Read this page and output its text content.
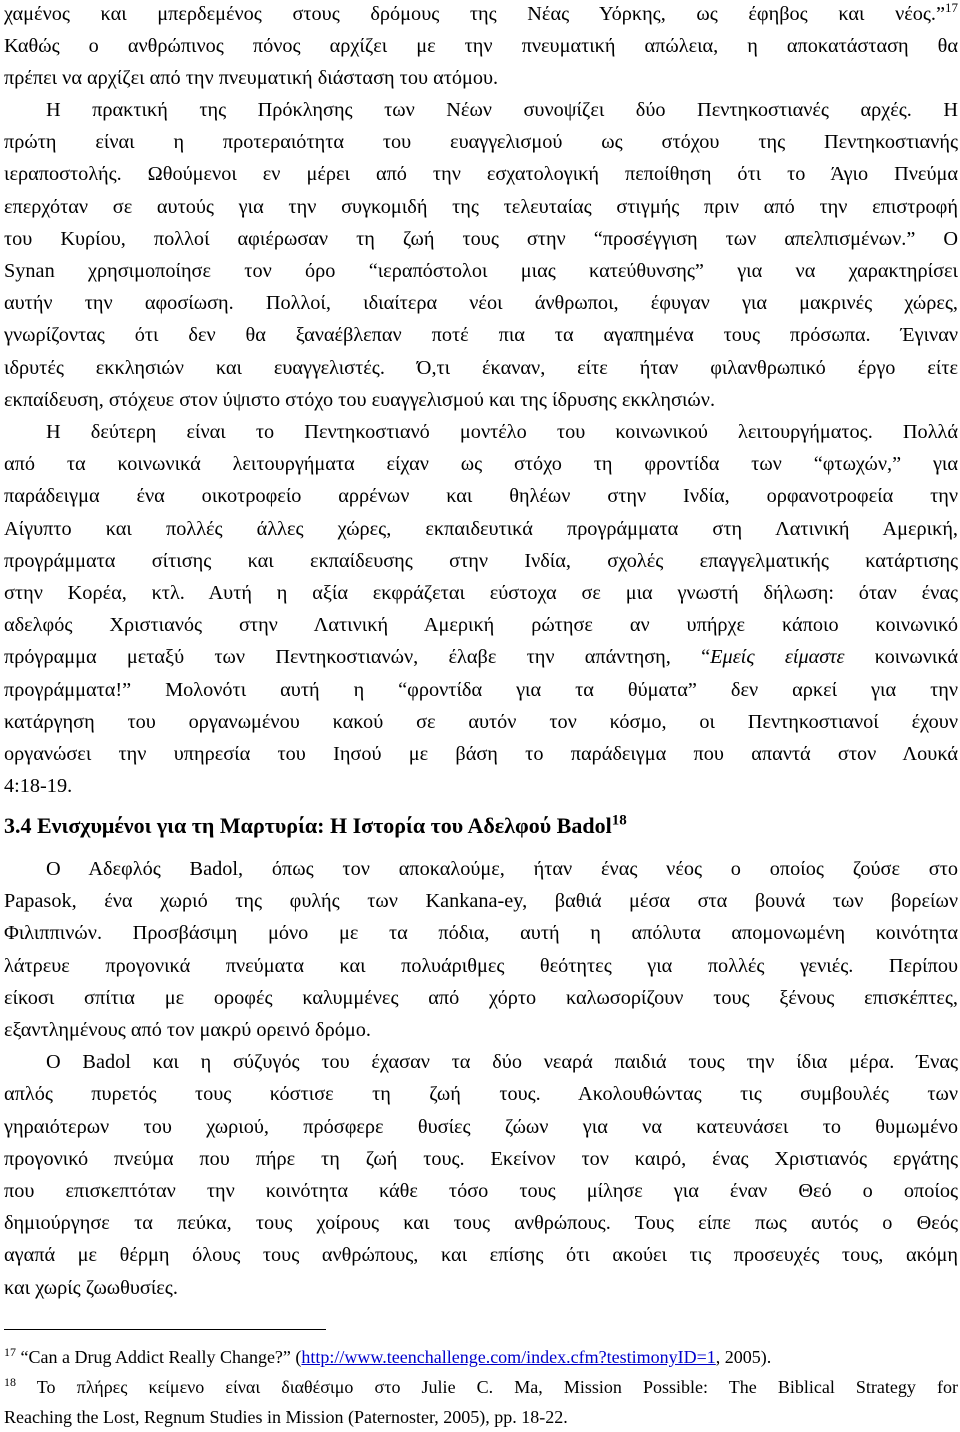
χαμένος και μπερδεμένος στους δρόμους της Νέας Υόρκης, ως έφηβος και νέος.”$^{17}$

Καθώς ο ανθρώπινος πόνος αρχίζει με την πνευματική απώλεια, η αποκατάσταση θα

πρέπει να αρχίζει από την πνευματική διάσταση του ατόμου.

Η πρακτική της Πρόκλησης των Νέων συνοψίζει δύο Πεντηκοστιανές αρχές. Η

πρώτη είναι η προτεραιότητα του ευαγγελισμού ως στόχου της Πεντηκοστιανής

ιεραποστολής. Ωθούμενοι εν μέρει από την εσχατολογική πεποίθηση ότι το Άγιο Πνεύμα

επερχόταν σε αυτούς για την συγκομιδή της τελευταίας στιγμής πριν από την επιστροφή

του Κυρίου, πολλοί αφιέρωσαν τη ζωή τους στην “προσέγγιση των απελπισμένων.” Ο

Synan χρησιμοποίησε τον όρο “ιεραπόστολοι μιας κατεύθυνσης” για να χαρακτηρίσει

αυτήν την αφοσίωση. Πολλοί, ιδιαίτερα νέοι άνθρωποι, έφυγαν για μακρινές χώρες,

γνωρίζοντας ότι δεν θα ξαναέβλεπαν ποτέ πια τα αγαπημένα τους πρόσωπα. Έγιναν

ιδρυτές εκκλησιών και ευαγγελιστές. Ό,τι έκαναν, είτε ήταν φιλανθρωπικό έργο είτε

εκπαίδευση, στόχευε στον ύψιστο στόχο του ευαγγελισμού και της ίδρυσης εκκλησιών.

Η δεύτερη είναι το Πεντηκοστιανό μοντέλο του κοινωνικού λειτουργήματος. Πολλά

από τα κοινωνικά λειτουργήματα είχαν ως στόχο τη φροντίδα των “φτωχών,” για

παράδειγμα ένα οικοτροφείο αρρένων και θηλέων στην Ινδία, ορφανοτροφεία την

Αίγυπτο και πολλές άλλες χώρες, εκπαιδευτικά προγράμματα στη Λατινική Αμερική,

προγράμματα σίτισης και εκπαίδευσης στην Ινδία, σχολές επαγγελματικής κατάρτισης

στην Κορέα, κτλ. Αυτή η αξία εκφράζεται εύστοχα σε μια γνωστή δήλωση: όταν ένας

αδελφός Χριστιανός στην Λατινική Αμερική ρώτησε αν υπήρχε κάποιο κοινωνικό

πρόγραμμα μεταξύ των Πεντηκοστιανών, έλαβε την απάντηση, “Εμείς είμαστε κοινωνικά

προγράμματα!” Μολονότι αυτή η “φροντίδα για τα θύματα” δεν αρκεί για την

κατάργηση του οργανωμένου κακού σε αυτόν τον κόσμο, οι Πεντηκοστιανοί έχουν

οργανώσει την υπηρεσία του Ιησού με βάση το παράδειγμα που απαντά στον Λουκά

4:18-19.

3.4 Ενισχυμένοι για τη Μαρτυρία: Η Ιστορία του Αδελφού Badol$^{18}$

Ο Αδεφλός Badol, όπως τον αποκαλούμε, ήταν ένας νέος ο οποίος ζούσε στο

Papasok, ένα χωριό της φυλής των Kankana-ey, βαθιά μέσα στα βουνά των βορείων

Φιλιππινών. Προσβάσιμη μόνο με τα πόδια, αυτή η απόλυτα απομονωμένη κοινότητα

λάτρευε προγονικά πνεύματα και πολυάριθμες θεότητες για πολλές γενιές. Περίπου

είκοσι σπίτια με οροφές καλυμμένες από χόρτο καλωσορίζουν τους ξένους επισκέπτες,

εξαντλημένους από τον μακρύ ορεινό δρόμο.

Ο Badol και η σύζυγός του έχασαν τα δύο νεαρά παιδιά τους την ίδια μέρα. Ένας

απλός πυρετός τους κόστισε τη ζωή τους. Ακολουθώντας τις συμβουλές των

γηραιότερων του χωριού, πρόσφερε θυσίες ζώων για να κατευνάσει το θυμωμένο

προγονικό πνεύμα που πήρε τη ζωή τους. Εκείνον τον καιρό, ένας Χριστιανός εργάτης

που επισκεπτόταν την κοινότητα κάθε τόσο τους μίλησε για έναν Θεό ο οποίος

δημιούργησε τα πεύκα, τους χοίρους και τους ανθρώπους. Τους είπε πως αυτός ο Θεός

αγαπά με θέρμη όλους τους ανθρώπους, και επίσης ότι ακούει τις προσευχές τους, ακόμη

και χωρίς ζωωθυσίες.

$^{17}$ “Can a Drug Addict Really Change?” (http://www.teenchallenge.com/index.cfm?testimonyID=1, 2005).

$^{18}$ Το πλήρες κείμενο είναι διαθέσιμο στο Julie C. Ma, Mission Possible: The Biblical Strategy for

Reaching the Lost, Regnum Studies in Mission (Paternoster, 2005), pp. 18-22.
